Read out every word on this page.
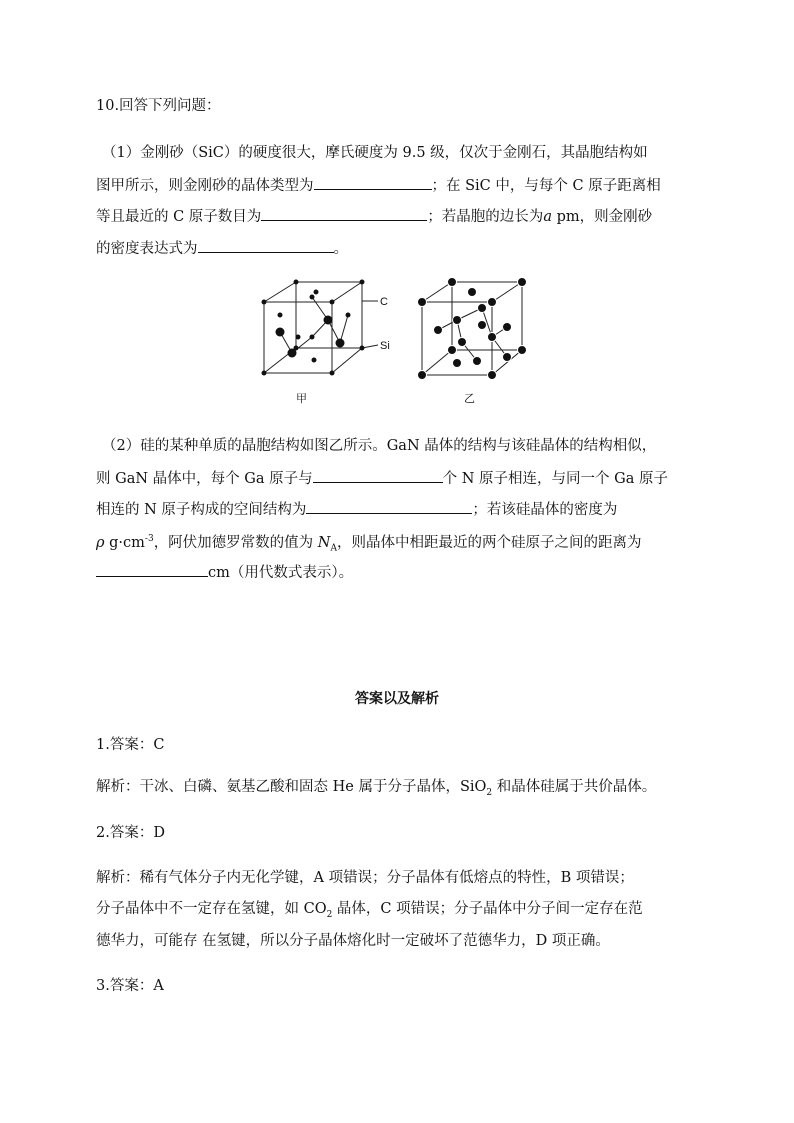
10.回答下列问题：
（1）金刚砂（SiC）的硬度很大，摩氏硬度为 9.5 级，仅次于金刚石，其晶胞结构如
图甲所示，则金刚砂的晶体类型为	；在 SiC 中，与每个 C 原子距离相
等且最近的 C 原子数目为	；若晶胞的边长为a pm，则金刚砂
的密度表达式为	。
C
Si
甲	乙
（2）硅的某种单质的晶胞结构如图乙所示。GaN 晶体的结构与该硅晶体的结构相似，
则 GaN 晶体中，每个 Ga 原子与	个 N 原子相连，与同一个 Ga 原子
相连的 N 原子构成的空间结构为	；若该硅晶体的密度为
ρ $g\cdot cm^{-3}$，阿伏加德罗常数的值为 $N_A$，则晶体中相距最近的两个硅原子之间的距离为
cm（用代数式表示）。
答案以及解析
1.答案：C
解析：干冰、白磷、氨基乙酸和固态 He 属于分子晶体，SiO$_2$ 和晶体硅属于共价晶体。
2.答案：D
解析：稀有气体分子内无化学键，A 项错误；分子晶体有低熔点的特性，B 项错误；
分子晶体中不一定存在氢键，如 $CO_2$ 晶体，C 项错误；分子晶体中分子间一定存在范
德华力，可能存 在氢键，所以分子晶体熔化时一定破坏了范德华力，D 项正确。
3.答案：A
